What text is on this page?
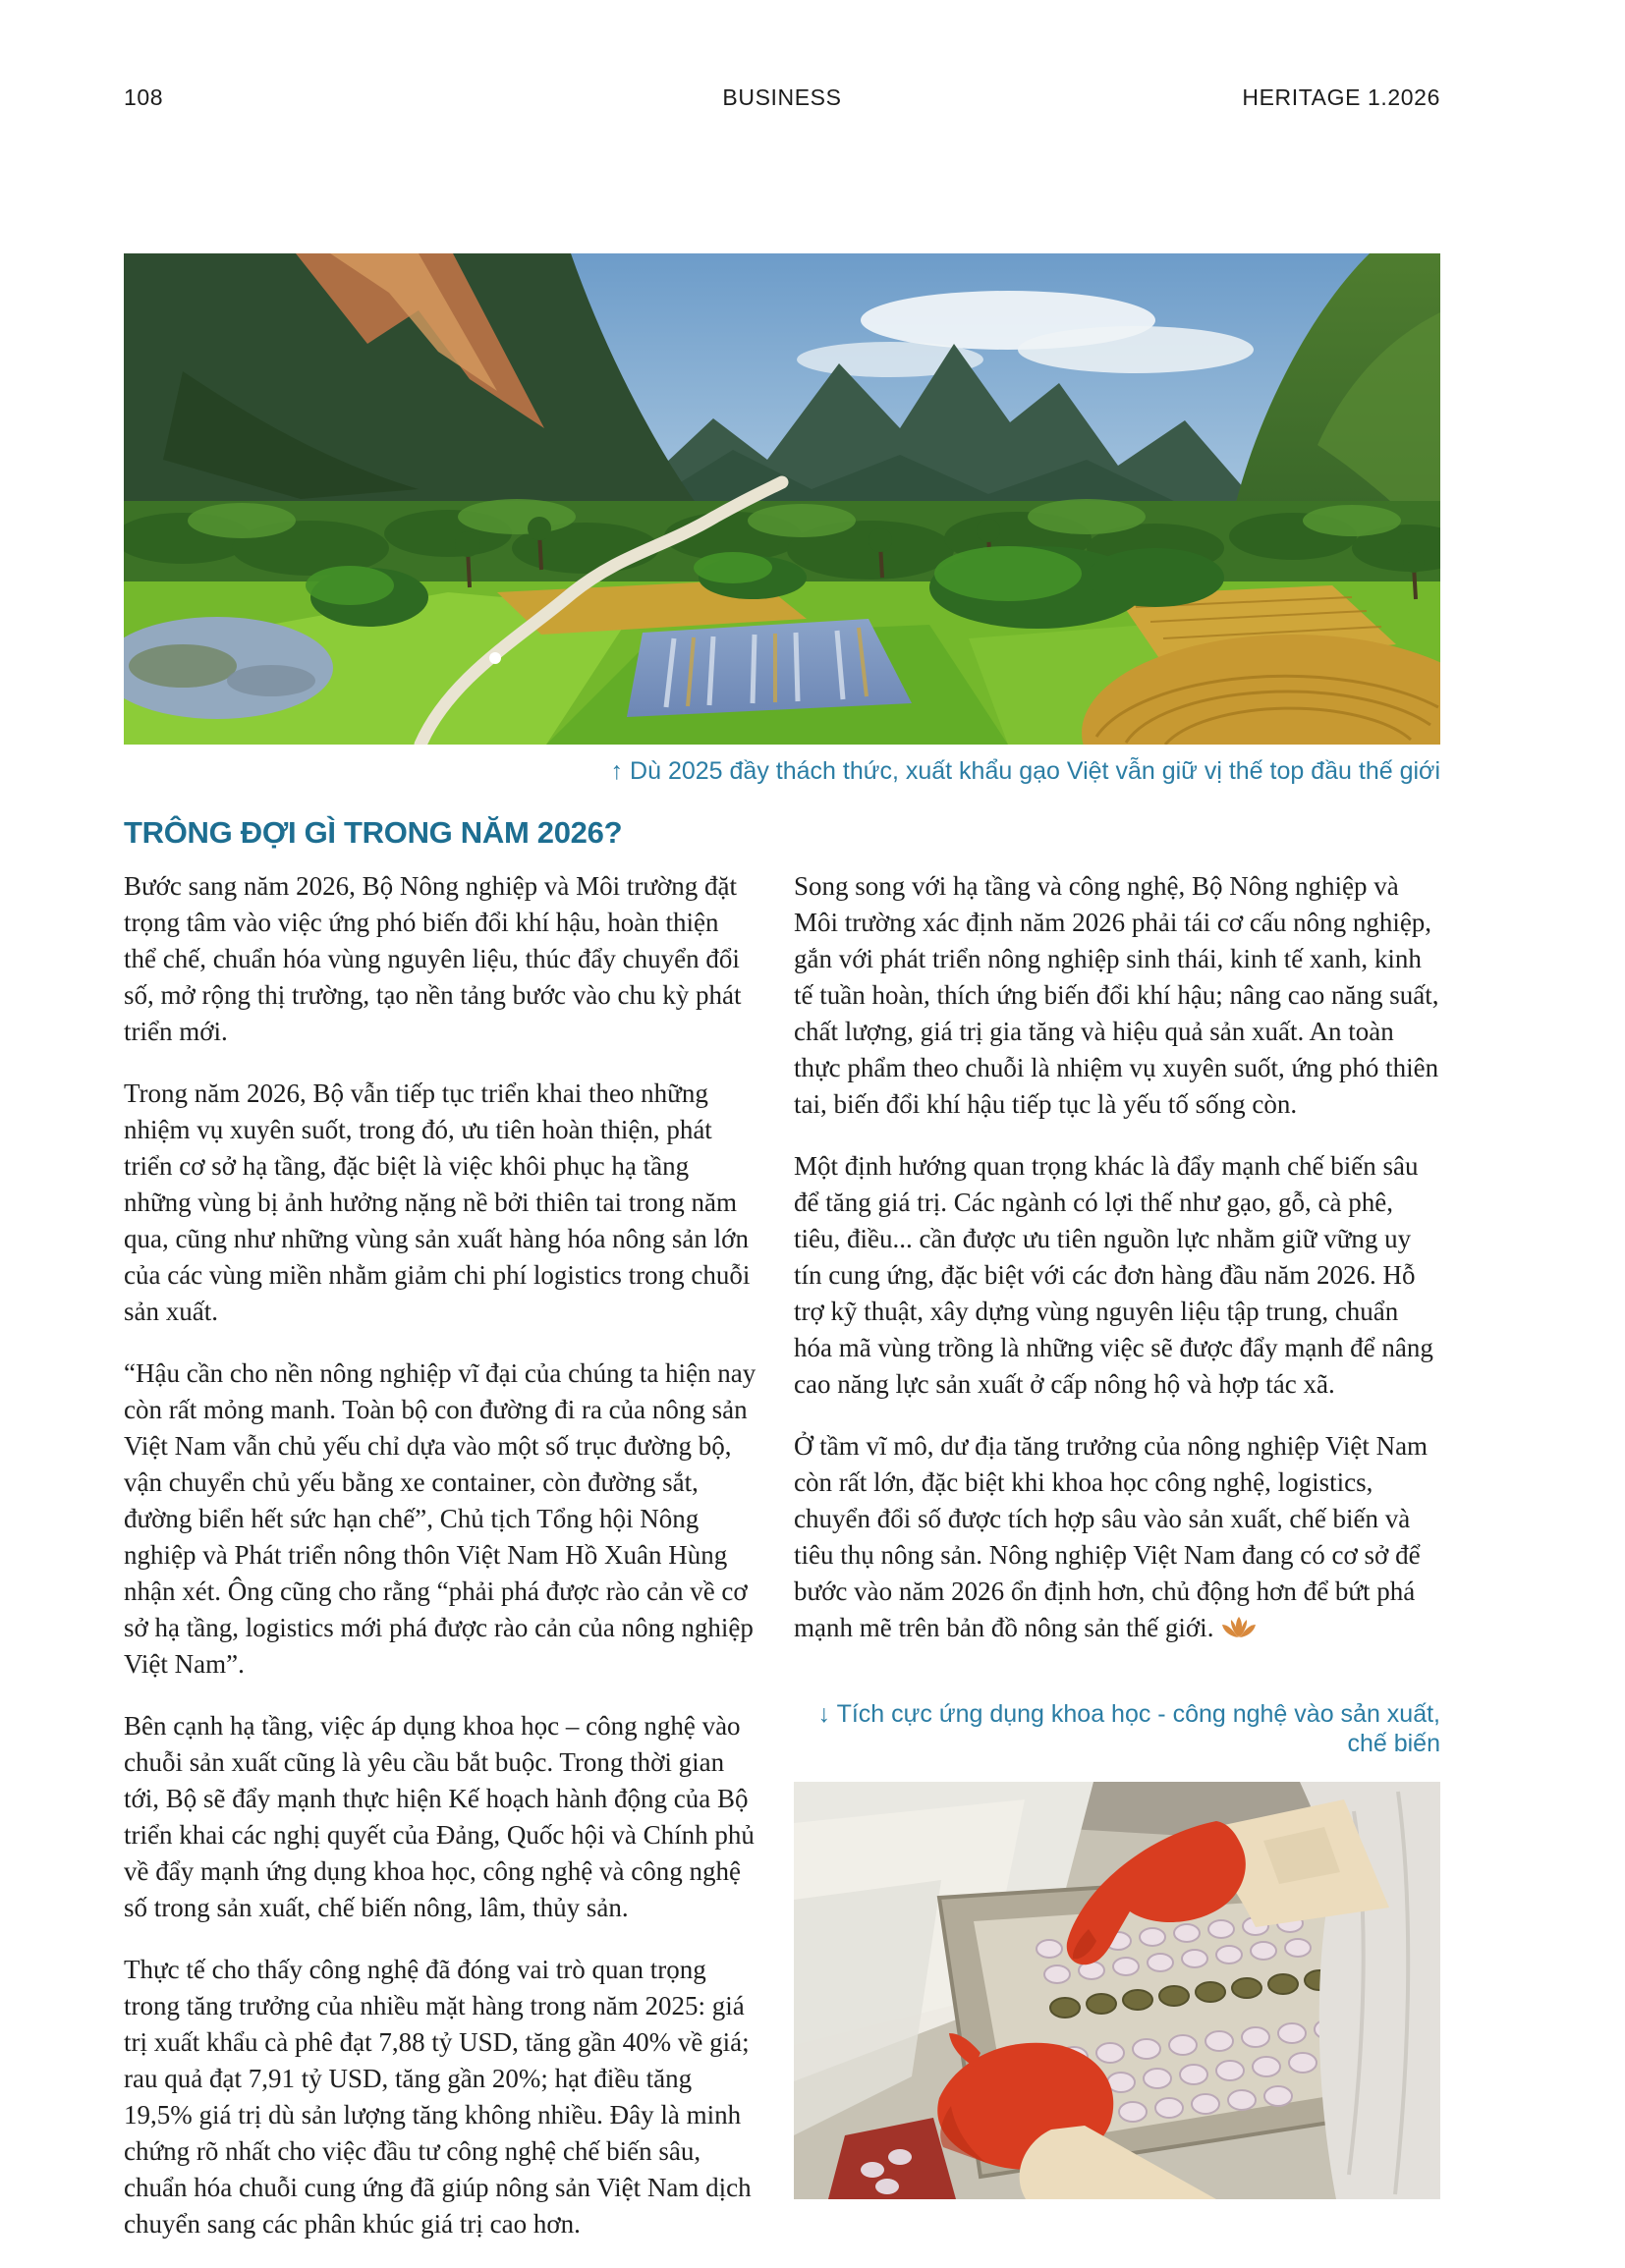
108	BUSINESS	HERITAGE 1.2026
↑ Dù 2025 đầy thách thức, xuất khẩu gạo Việt vẫn giữ vị thế top đầu thế giới
TRÔNG ĐỢI GÌ TRONG NĂM 2026?

Bước sang năm 2026, Bộ Nông nghiệp và Môi trường đặt trọng tâm vào việc ứng phó biến đổi khí hậu, hoàn thiện thể chế, chuẩn hóa vùng nguyên liệu, thúc đẩy chuyển đổi số, mở rộng thị trường, tạo nền tảng bước vào chu kỳ phát triển mới.

Trong năm 2026, Bộ vẫn tiếp tục triển khai theo những nhiệm vụ xuyên suốt, trong đó, ưu tiên hoàn thiện, phát triển cơ sở hạ tầng, đặc biệt là việc khôi phục hạ tầng những vùng bị ảnh hưởng nặng nề bởi thiên tai trong năm qua, cũng như những vùng sản xuất hàng hóa nông sản lớn của các vùng miền nhằm giảm chi phí logistics trong chuỗi sản xuất.

“Hậu cần cho nền nông nghiệp vĩ đại của chúng ta hiện nay còn rất mỏng manh. Toàn bộ con đường đi ra của nông sản Việt Nam vẫn chủ yếu chỉ dựa vào một số trục đường bộ, vận chuyển chủ yếu bằng xe container, còn đường sắt, đường biển hết sức hạn chế”, Chủ tịch Tổng hội Nông nghiệp và Phát triển nông thôn Việt Nam Hồ Xuân Hùng nhận xét. Ông cũng cho rằng “phải phá được rào cản về cơ sở hạ tầng, logistics mới phá được rào cản của nông nghiệp Việt Nam”.

Bên cạnh hạ tầng, việc áp dụng khoa học – công nghệ vào chuỗi sản xuất cũng là yêu cầu bắt buộc. Trong thời gian tới, Bộ sẽ đẩy mạnh thực hiện Kế hoạch hành động của Bộ triển khai các nghị quyết của Đảng, Quốc hội và Chính phủ về đẩy mạnh ứng dụng khoa học, công nghệ và công nghệ số trong sản xuất, chế biến nông, lâm, thủy sản.

Thực tế cho thấy công nghệ đã đóng vai trò quan trọng trong tăng trưởng của nhiều mặt hàng trong năm 2025: giá trị xuất khẩu cà phê đạt 7,88 tỷ USD, tăng gần 40% về giá; rau quả đạt 7,91 tỷ USD, tăng gần 20%; hạt điều tăng 19,5% giá trị dù sản lượng tăng không nhiều. Đây là minh chứng rõ nhất cho việc đầu tư công nghệ chế biến sâu, chuẩn hóa chuỗi cung ứng đã giúp nông sản Việt Nam dịch chuyển sang các phân khúc giá trị cao hơn.

Song song với hạ tầng và công nghệ, Bộ Nông nghiệp và Môi trường xác định năm 2026 phải tái cơ cấu nông nghiệp, gắn với phát triển nông nghiệp sinh thái, kinh tế xanh, kinh tế tuần hoàn, thích ứng biến đổi khí hậu; nâng cao năng suất, chất lượng, giá trị gia tăng và hiệu quả sản xuất. An toàn thực phẩm theo chuỗi là nhiệm vụ xuyên suốt, ứng phó thiên tai, biến đổi khí hậu tiếp tục là yếu tố sống còn.

Một định hướng quan trọng khác là đẩy mạnh chế biến sâu để tăng giá trị. Các ngành có lợi thế như gạo, gỗ, cà phê, tiêu, điều... cần được ưu tiên nguồn lực nhằm giữ vững uy tín cung ứng, đặc biệt với các đơn hàng đầu năm 2026. Hỗ trợ kỹ thuật, xây dựng vùng nguyên liệu tập trung, chuẩn hóa mã vùng trồng là những việc sẽ được đẩy mạnh để nâng cao năng lực sản xuất ở cấp nông hộ và hợp tác xã.

Ở tầm vĩ mô, dư địa tăng trưởng của nông nghiệp Việt Nam còn rất lớn, đặc biệt khi khoa học công nghệ, logistics, chuyển đổi số được tích hợp sâu vào sản xuất, chế biến và tiêu thụ nông sản. Nông nghiệp Việt Nam đang có cơ sở để bước vào năm 2026 ổn định hơn, chủ động hơn để bứt phá mạnh mẽ trên bản đồ nông sản thế giới.

↓ Tích cực ứng dụng khoa học - công nghệ vào sản xuất, chế biến
